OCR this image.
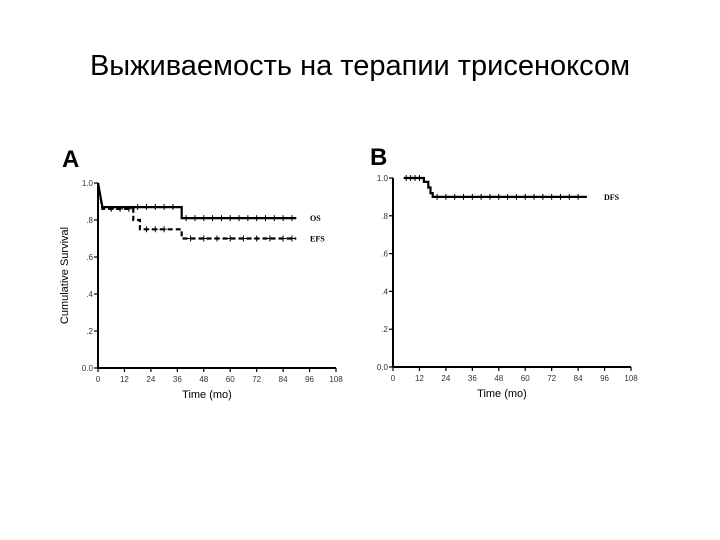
Выживаемость на терапии трисеноксом
A
0.0
.2
.4
.6
.8
1.0
0 12 24 36 48 60 72 84 96 108
Time (mo)
Cumulative Survival
OS
EFS
B
0.0
.2
.4
.6
.8
1.0
0 12 24 36 48 60 72 84 96 108
Time (mo)
DFS
